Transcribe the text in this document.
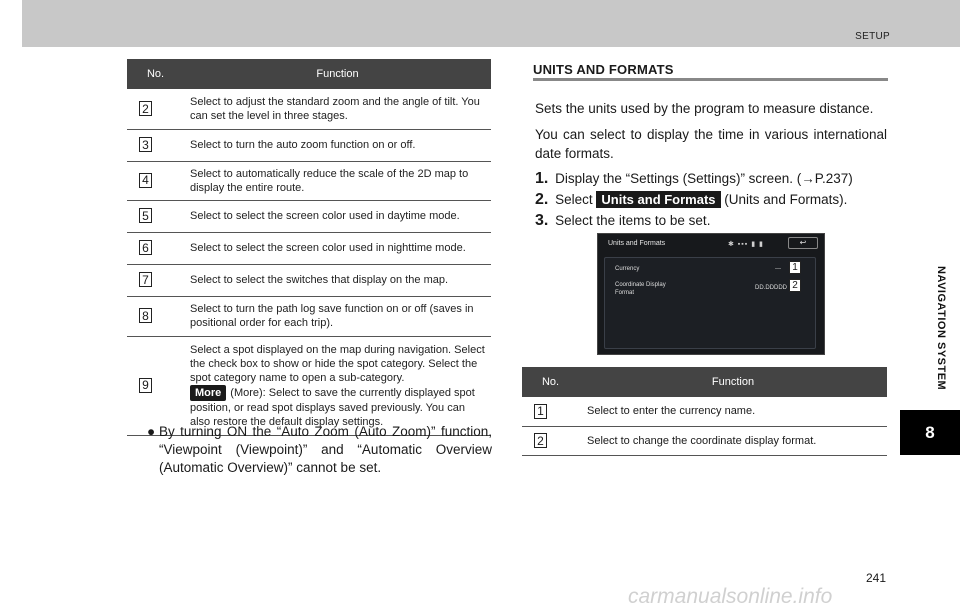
SETUP
NAVIGATION SYSTEM
8
No.	Function
2	Select to adjust the standard zoom and the angle of tilt. You can set the level in three stages.
3	Select to turn the auto zoom function on or off.
4	Select to automatically reduce the scale of the 2D map to display the entire route.
5	Select to select the screen color used in daytime mode.
6	Select to select the screen color used in nighttime mode.
7	Select to select the switches that display on the map.
8	Select to turn the path log save function on or off (saves in positional order for each trip).
9	Select a spot displayed on the map during navigation. Select the check box to show or hide the spot category. Select the spot category name to open a sub-category.
More (More): Select to save the currently displayed spot position, or read spot displays saved previously. You can also restore the default display settings.
● By turning ON the “Auto Zoom (Auto Zoom)” function, “Viewpoint (Viewpoint)” and “Automatic Overview (Automatic Overview)” cannot be set.
UNITS AND FORMATS
Sets the units used by the program to measure distance.
You can select to display the time in various international date formats.
1. Display the “Settings (Settings)” screen. (→P.237)
2. Select Units and Formats (Units and Formats).
3. Select the items to be set.
Units and Formats	✱ ▪▪▪ ▮ ▮	↩
Currency	---
Coordinate Display
Format
DD.DDDDD
1
2
No.	Function
1	Select to enter the currency name.
2	Select to change the coordinate display format.
241
carmanualsonline.info
